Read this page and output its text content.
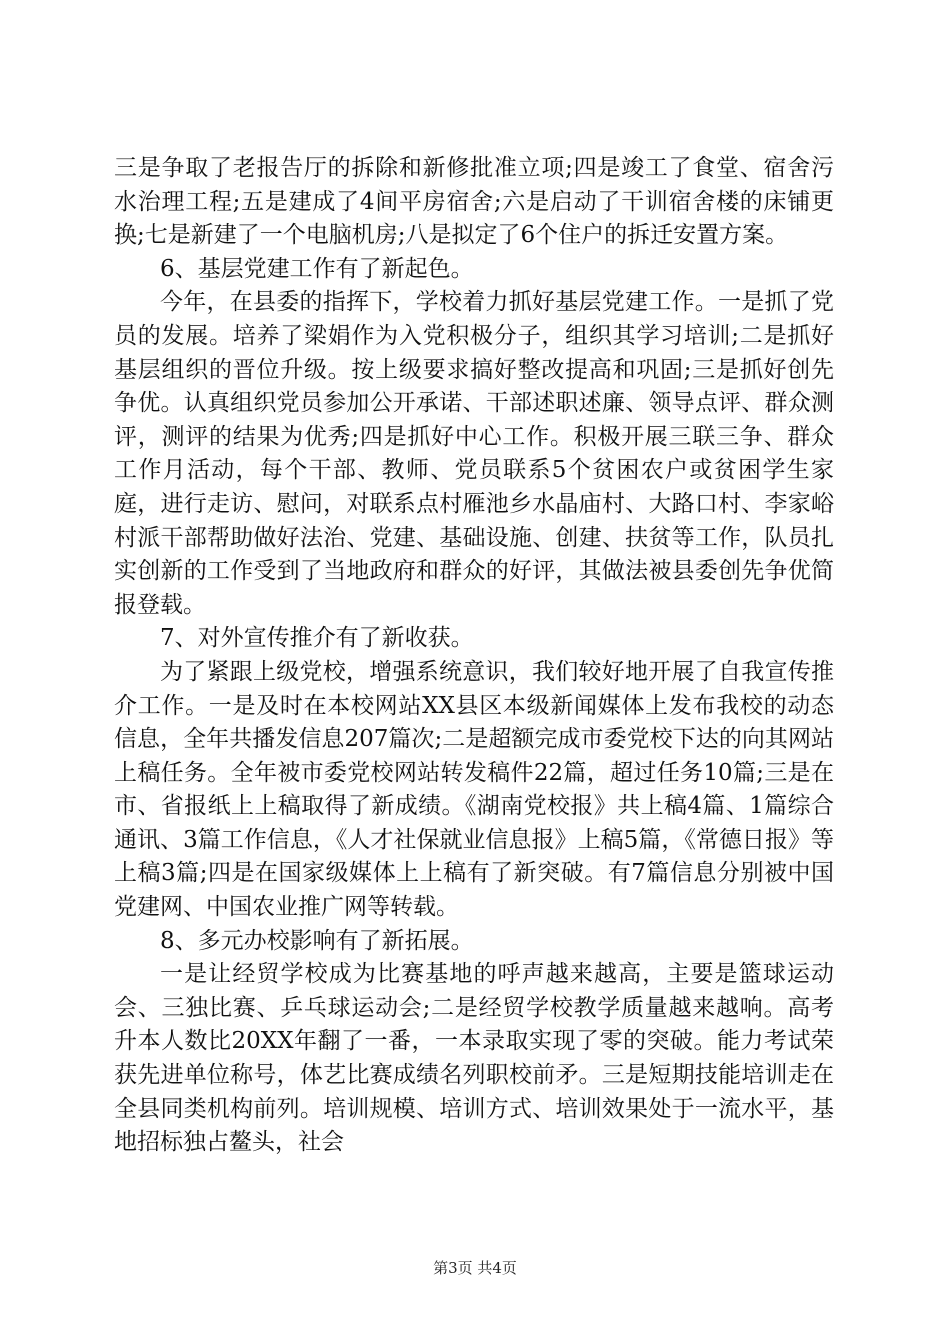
三是争取了老报告厅的拆除和新修批准立项;四是竣工了食堂、宿舍污水治理工程;五是建成了4间平房宿舍;六是启动了干训宿舍楼的床铺更换;七是新建了一个电脑机房;八是拟定了6个住户的拆迁安置方案。

6、基层党建工作有了新起色。

今年，在县委的指挥下，学校着力抓好基层党建工作。一是抓了党员的发展。培养了梁娟作为入党积极分子，组织其学习培训;二是抓好基层组织的晋位升级。按上级要求搞好整改提高和巩固;三是抓好创先争优。认真组织党员参加公开承诺、干部述职述廉、领导点评、群众测评，测评的结果为优秀;四是抓好中心工作。积极开展三联三争、群众工作月活动，每个干部、教师、党员联系5个贫困农户或贫困学生家庭，进行走访、慰问，对联系点村雁池乡水晶庙村、大路口村、李家峪村派干部帮助做好法治、党建、基础设施、创建、扶贫等工作，队员扎实创新的工作受到了当地政府和群众的好评，其做法被县委创先争优简报登载。

7、对外宣传推介有了新收获。

为了紧跟上级党校，增强系统意识，我们较好地开展了自我宣传推介工作。一是及时在本校网站XX县区本级新闻媒体上发布我校的动态信息，全年共播发信息207篇次;二是超额完成市委党校下达的向其网站上稿任务。全年被市委党校网站转发稿件22篇，超过任务10篇;三是在市、省报纸上上稿取得了新成绩。《湖南党校报》共上稿4篇、1篇综合通讯、3篇工作信息，《人才社保就业信息报》上稿5篇，《常德日报》等上稿3篇;四是在国家级媒体上上稿有了新突破。有7篇信息分别被中国党建网、中国农业推广网等转载。

8、多元办校影响有了新拓展。

一是让经贸学校成为比赛基地的呼声越来越高，主要是篮球运动会、三独比赛、乒乓球运动会;二是经贸学校教学质量越来越响。高考升本人数比20XX年翻了一番，一本录取实现了零的突破。能力考试荣获先进单位称号，体艺比赛成绩名列职校前矛。三是短期技能培训走在全县同类机构前列。培训规模、培训方式、培训效果处于一流水平，基地招标独占鳌头，社会

第3页 共4页
